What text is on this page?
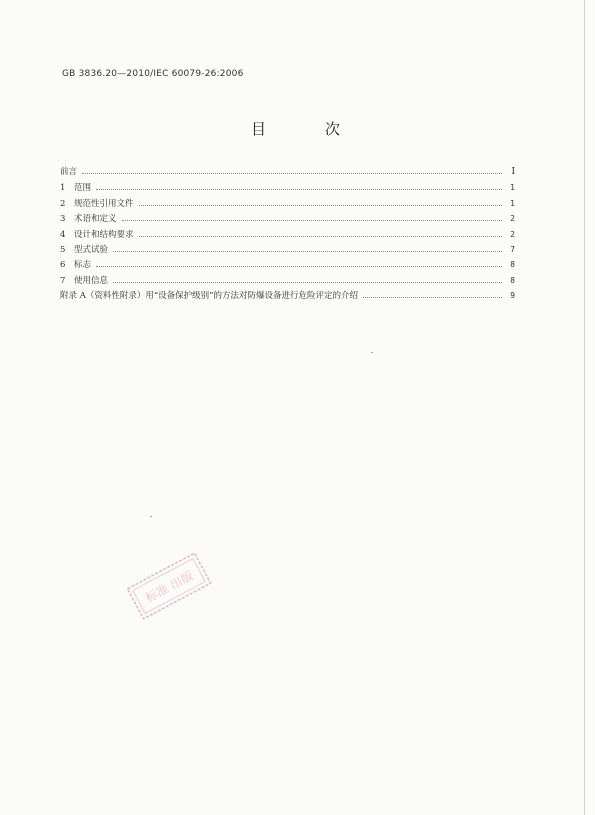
GB 3836.20—2010/IEC 60079-26:2006
目　次
前言	Ⅰ
1	范围	1
2	规范性引用文件	1
3	术语和定义	2
4	设计和结构要求	2
5	型式试验	7
6	标志	8
7	使用信息	8
附录 A（资料性附录）用“设备保护级别”的方法对防爆设备进行危险评定的介绍	9
标准 出版
